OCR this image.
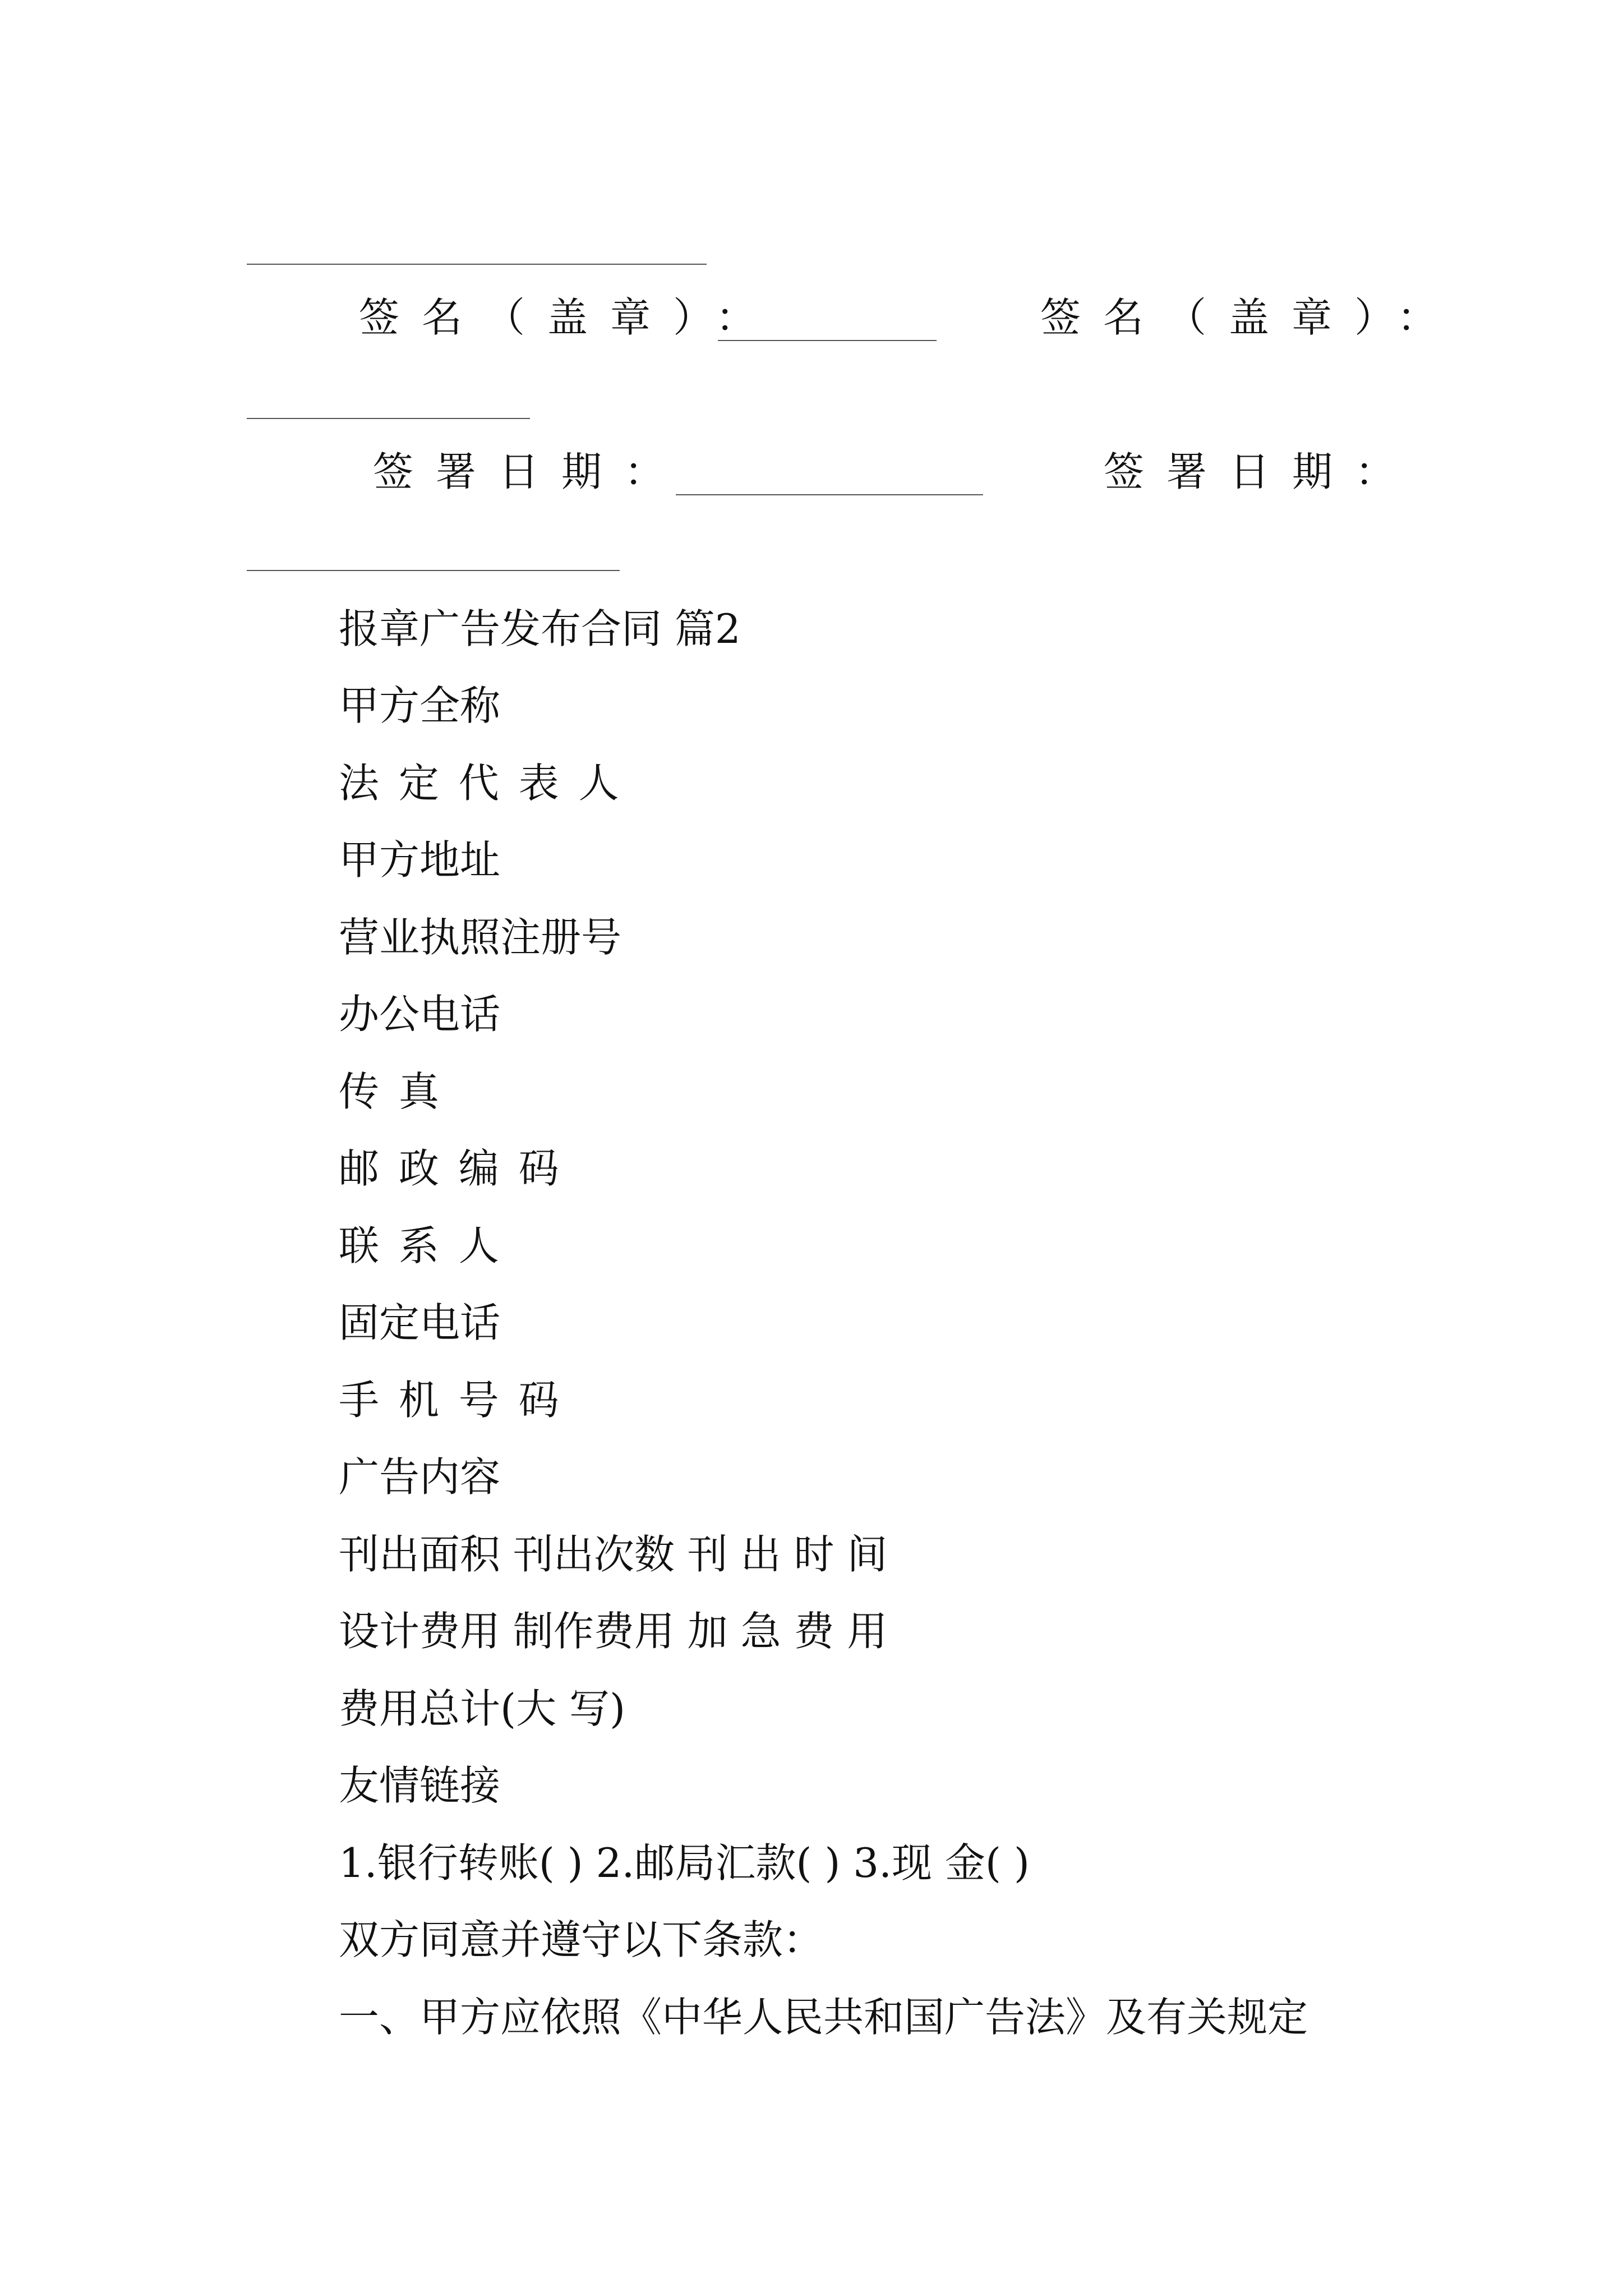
签名（盖章）：	签名（盖章）：
签署日期：	签署日期：
报章广告发布合同 篇2
甲方全称
法 定 代 表 人
甲方地址
营业执照注册号
办公电话
传 真
邮 政 编 码
联 系 人
固定电话
手 机 号 码
广告内容
刊出面积 刊出次数 刊 出 时 间
设计费用 制作费用 加 急 费 用
费用总计(大 写)
友情链接
1.银行转账( ) 2.邮局汇款( ) 3.现 金( )
双方同意并遵守以下条款：
一、甲方应依照《中华人民共和国广告法》及有关规定
